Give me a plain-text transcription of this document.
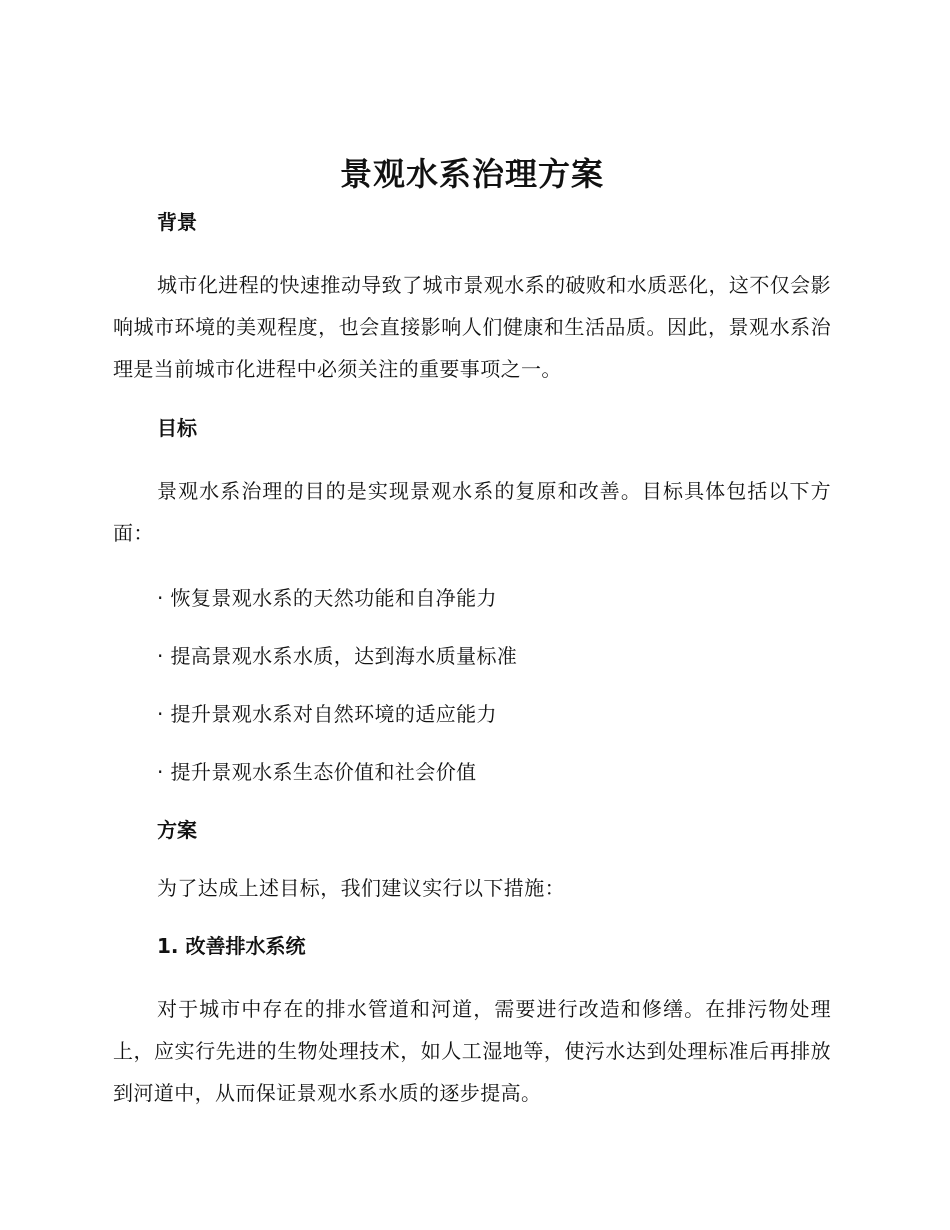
景观水系治理方案

背景

城市化进程的快速推动导致了城市景观水系的破败和水质恶化，这不仅会影响城市环境的美观程度，也会直接影响人们健康和生活品质。因此，景观水系治理是当前城市化进程中必须关注的重要事项之一。

目标

景观水系治理的目的是实现景观水系的复原和改善。目标具体包括以下方面：

· 恢复景观水系的天然功能和自净能力

· 提高景观水系水质，达到海水质量标准

· 提升景观水系对自然环境的适应能力

· 提升景观水系生态价值和社会价值

方案

为了达成上述目标，我们建议实行以下措施：

1. 改善排水系统

对于城市中存在的排水管道和河道，需要进行改造和修缮。在排污物处理上，应实行先进的生物处理技术，如人工湿地等，使污水达到处理标准后再排放到河道中，从而保证景观水系水质的逐步提高。
